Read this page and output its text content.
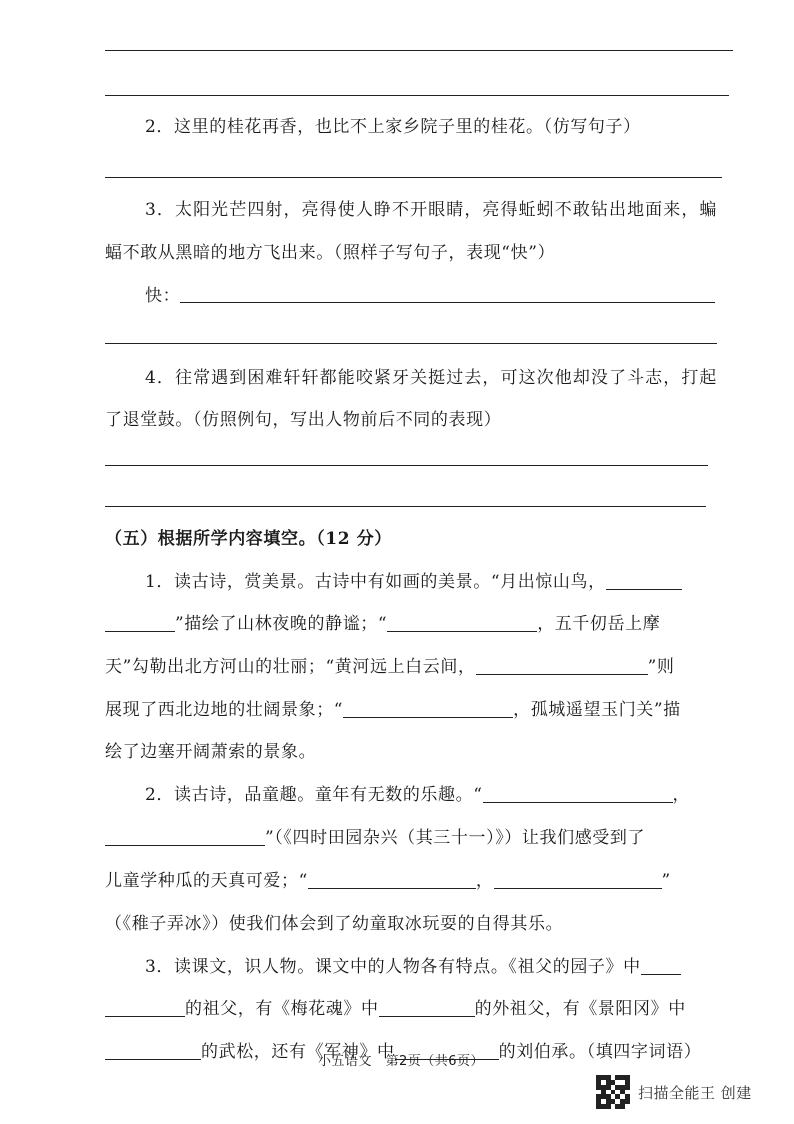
2．这里的桂花再香，也比不上家乡院子里的桂花。（仿写句子）
3．太阳光芒四射，亮得使人睁不开眼睛，亮得蚯蚓不敢钻出地面来，蝙
蝠不敢从黑暗的地方飞出来。（照样子写句子，表现“快”）
快：
4．往常遇到困难轩轩都能咬紧牙关挺过去，可这次他却没了斗志，打起
了退堂鼓。（仿照例句，写出人物前后不同的表现）
（五）根据所学内容填空。（12 分）
1．读古诗，赏美景。古诗中有如画的美景。“月出惊山鸟，
”描绘了山林夜晚的静谧；“	，五千仞岳上摩
天”勾勒出北方河山的壮丽；“黄河远上白云间，	”则
展现了西北边地的壮阔景象；“	，孤城遥望玉门关”描
绘了边塞开阔萧索的景象。
2．读古诗，品童趣。童年有无数的乐趣。“	，
”（《四时田园杂兴（其三十一）》）让我们感受到了
儿童学种瓜的天真可爱；“	，	”
（《稚子弄冰》）使我们体会到了幼童取冰玩耍的自得其乐。
3．读课文，识人物。课文中的人物各有特点。《祖父的园子》中
的祖父，有《梅花魂》中	的外祖父，有《景阳冈》中
的武松，还有《军神》中	的刘伯承。（填四字词语）
小五语文　第2页（共6页）
扫描全能王 创建
